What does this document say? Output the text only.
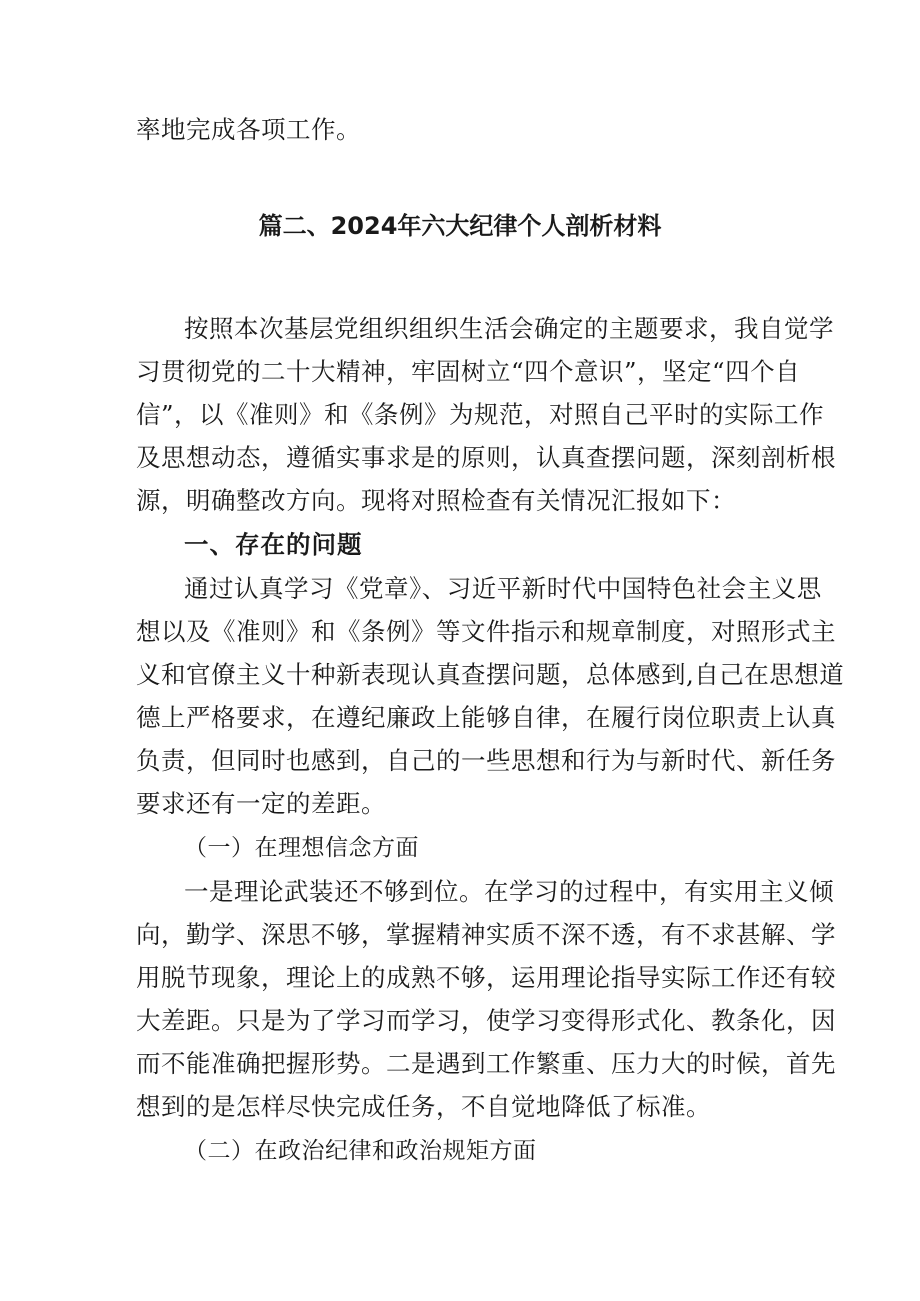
率地完成各项工作。
篇二、2024年六大纪律个人剖析材料
按照本次基层党组织组织生活会确定的主题要求，我自觉学
习贯彻党的二十大精神，牢固树立“四个意识”，坚定“四个自
信”，以《准则》和《条例》为规范，对照自己平时的实际工作
及思想动态，遵循实事求是的原则，认真查摆问题，深刻剖析根
源，明确整改方向。现将对照检查有关情况汇报如下：
一、存在的问题
通过认真学习《党章》、习近平新时代中国特色社会主义思
想以及《准则》和《条例》等文件指示和规章制度，对照形式主
义和官僚主义十种新表现认真查摆问题，总体感到,自己在思想道
德上严格要求，在遵纪廉政上能够自律，在履行岗位职责上认真
负责，但同时也感到，自己的一些思想和行为与新时代、新任务
要求还有一定的差距。
（一）在理想信念方面
一是理论武装还不够到位。在学习的过程中，有实用主义倾
向，勤学、深思不够，掌握精神实质不深不透，有不求甚解、学
用脱节现象，理论上的成熟不够，运用理论指导实际工作还有较
大差距。只是为了学习而学习，使学习变得形式化、教条化，因
而不能准确把握形势。二是遇到工作繁重、压力大的时候，首先
想到的是怎样尽快完成任务，不自觉地降低了标准。
（二）在政治纪律和政治规矩方面
